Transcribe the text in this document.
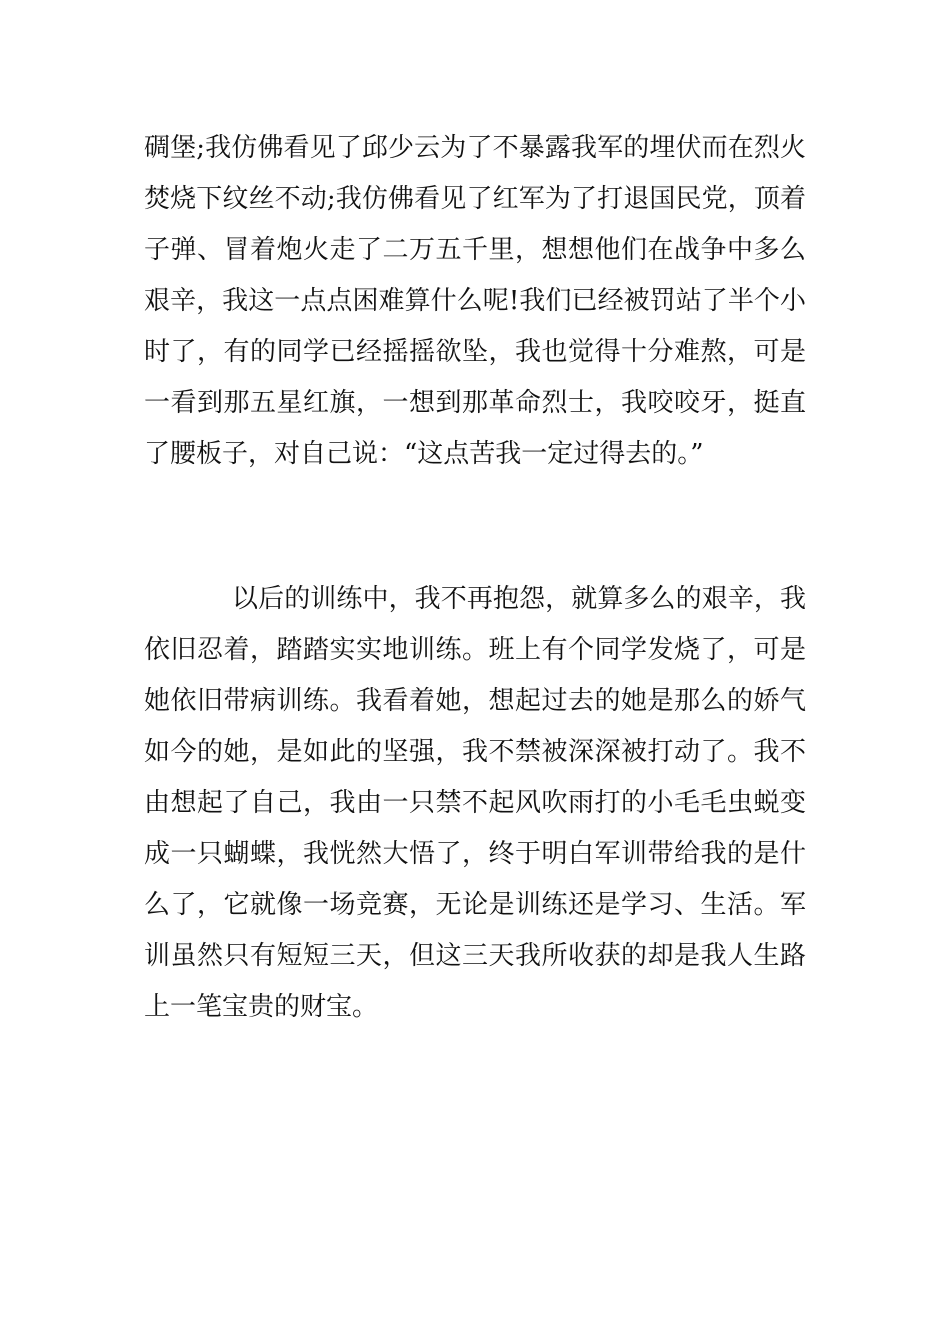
碉堡;我仿佛看见了邱少云为了不暴露我军的埋伏而在烈火
焚烧下纹丝不动;我仿佛看见了红军为了打退国民党，顶着
子弹、冒着炮火走了二万五千里，想想他们在战争中多么
艰辛，我这一点点困难算什么呢!我们已经被罚站了半个小
时了，有的同学已经摇摇欲坠，我也觉得十分难熬，可是
一看到那五星红旗，一想到那革命烈士，我咬咬牙，挺直
了腰板子，对自己说：“这点苦我一定过得去的。”
以后的训练中，我不再抱怨，就算多么的艰辛，我
依旧忍着，踏踏实实地训练。班上有个同学发烧了，可是
她依旧带病训练。我看着她，想起过去的她是那么的娇气
如今的她，是如此的坚强，我不禁被深深被打动了。我不
由想起了自己，我由一只禁不起风吹雨打的小毛毛虫蜕变
成一只蝴蝶，我恍然大悟了，终于明白军训带给我的是什
么了，它就像一场竞赛，无论是训练还是学习、生活。军
训虽然只有短短三天，但这三天我所收获的却是我人生路
上一笔宝贵的财宝。
